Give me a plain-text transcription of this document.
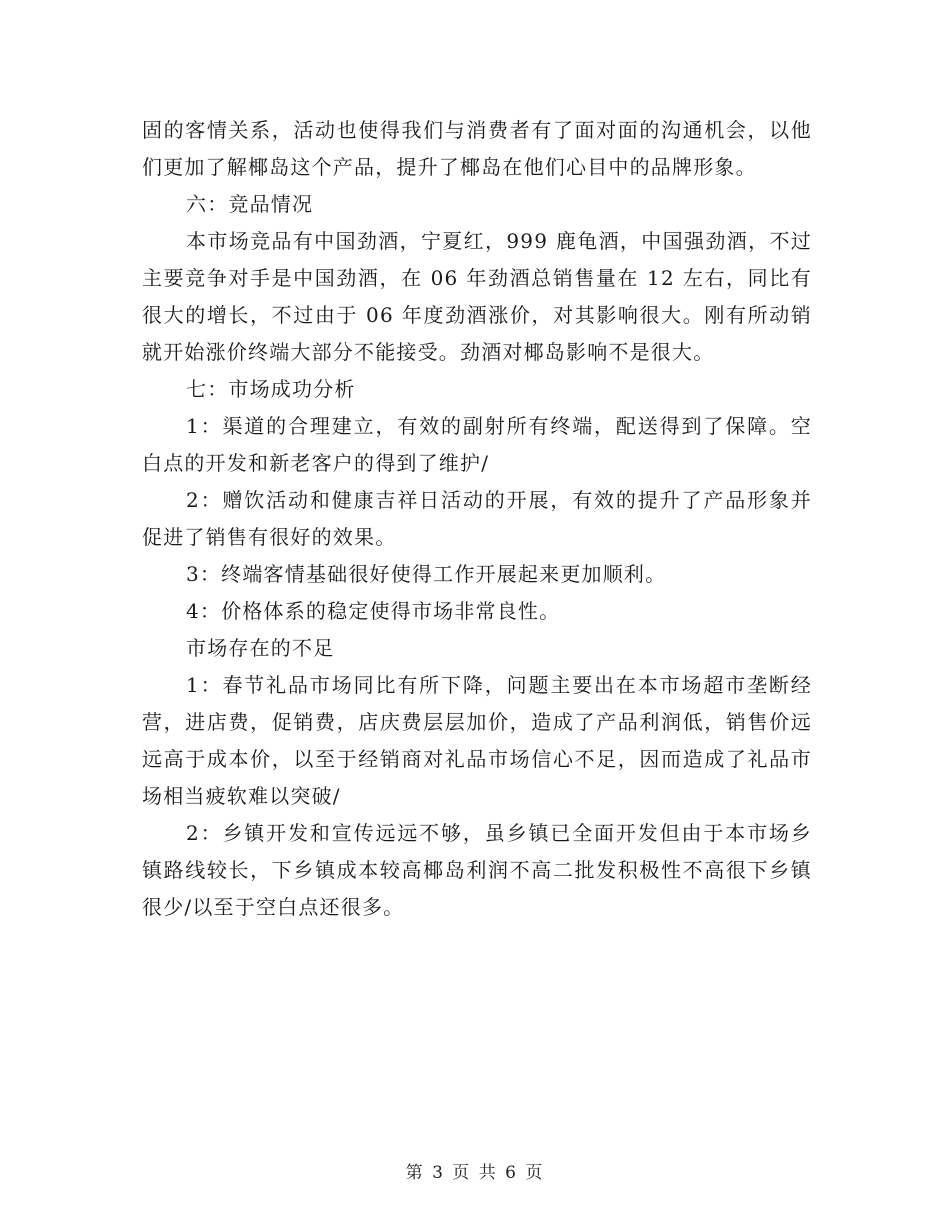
固的客情关系，活动也使得我们与消费者有了面对面的沟通机会，以他们更加了解椰岛这个产品，提升了椰岛在他们心目中的品牌形象。

六：竞品情况

本市场竞品有中国劲酒，宁夏红，999 鹿龟酒，中国强劲酒，不过主要竞争对手是中国劲酒，在 06 年劲酒总销售量在 12 左右，同比有很大的增长，不过由于 06 年度劲酒涨价，对其影响很大。刚有所动销就开始涨价终端大部分不能接受。劲酒对椰岛影响不是很大。

七：市场成功分析

1：渠道的合理建立，有效的副射所有终端，配送得到了保障。空白点的开发和新老客户的得到了维护/

2：赠饮活动和健康吉祥日活动的开展，有效的提升了产品形象并促进了销售有很好的效果。

3：终端客情基础很好使得工作开展起来更加顺利。

4：价格体系的稳定使得市场非常良性。

市场存在的不足

1：春节礼品市场同比有所下降，问题主要出在本市场超市垄断经营，进店费，促销费，店庆费层层加价，造成了产品利润低，销售价远远高于成本价，以至于经销商对礼品市场信心不足，因而造成了礼品市场相当疲软难以突破/

2：乡镇开发和宣传远远不够，虽乡镇已全面开发但由于本市场乡镇路线较长，下乡镇成本较高椰岛利润不高二批发积极性不高很下乡镇很少/以至于空白点还很多。

第 3 页 共 6 页
